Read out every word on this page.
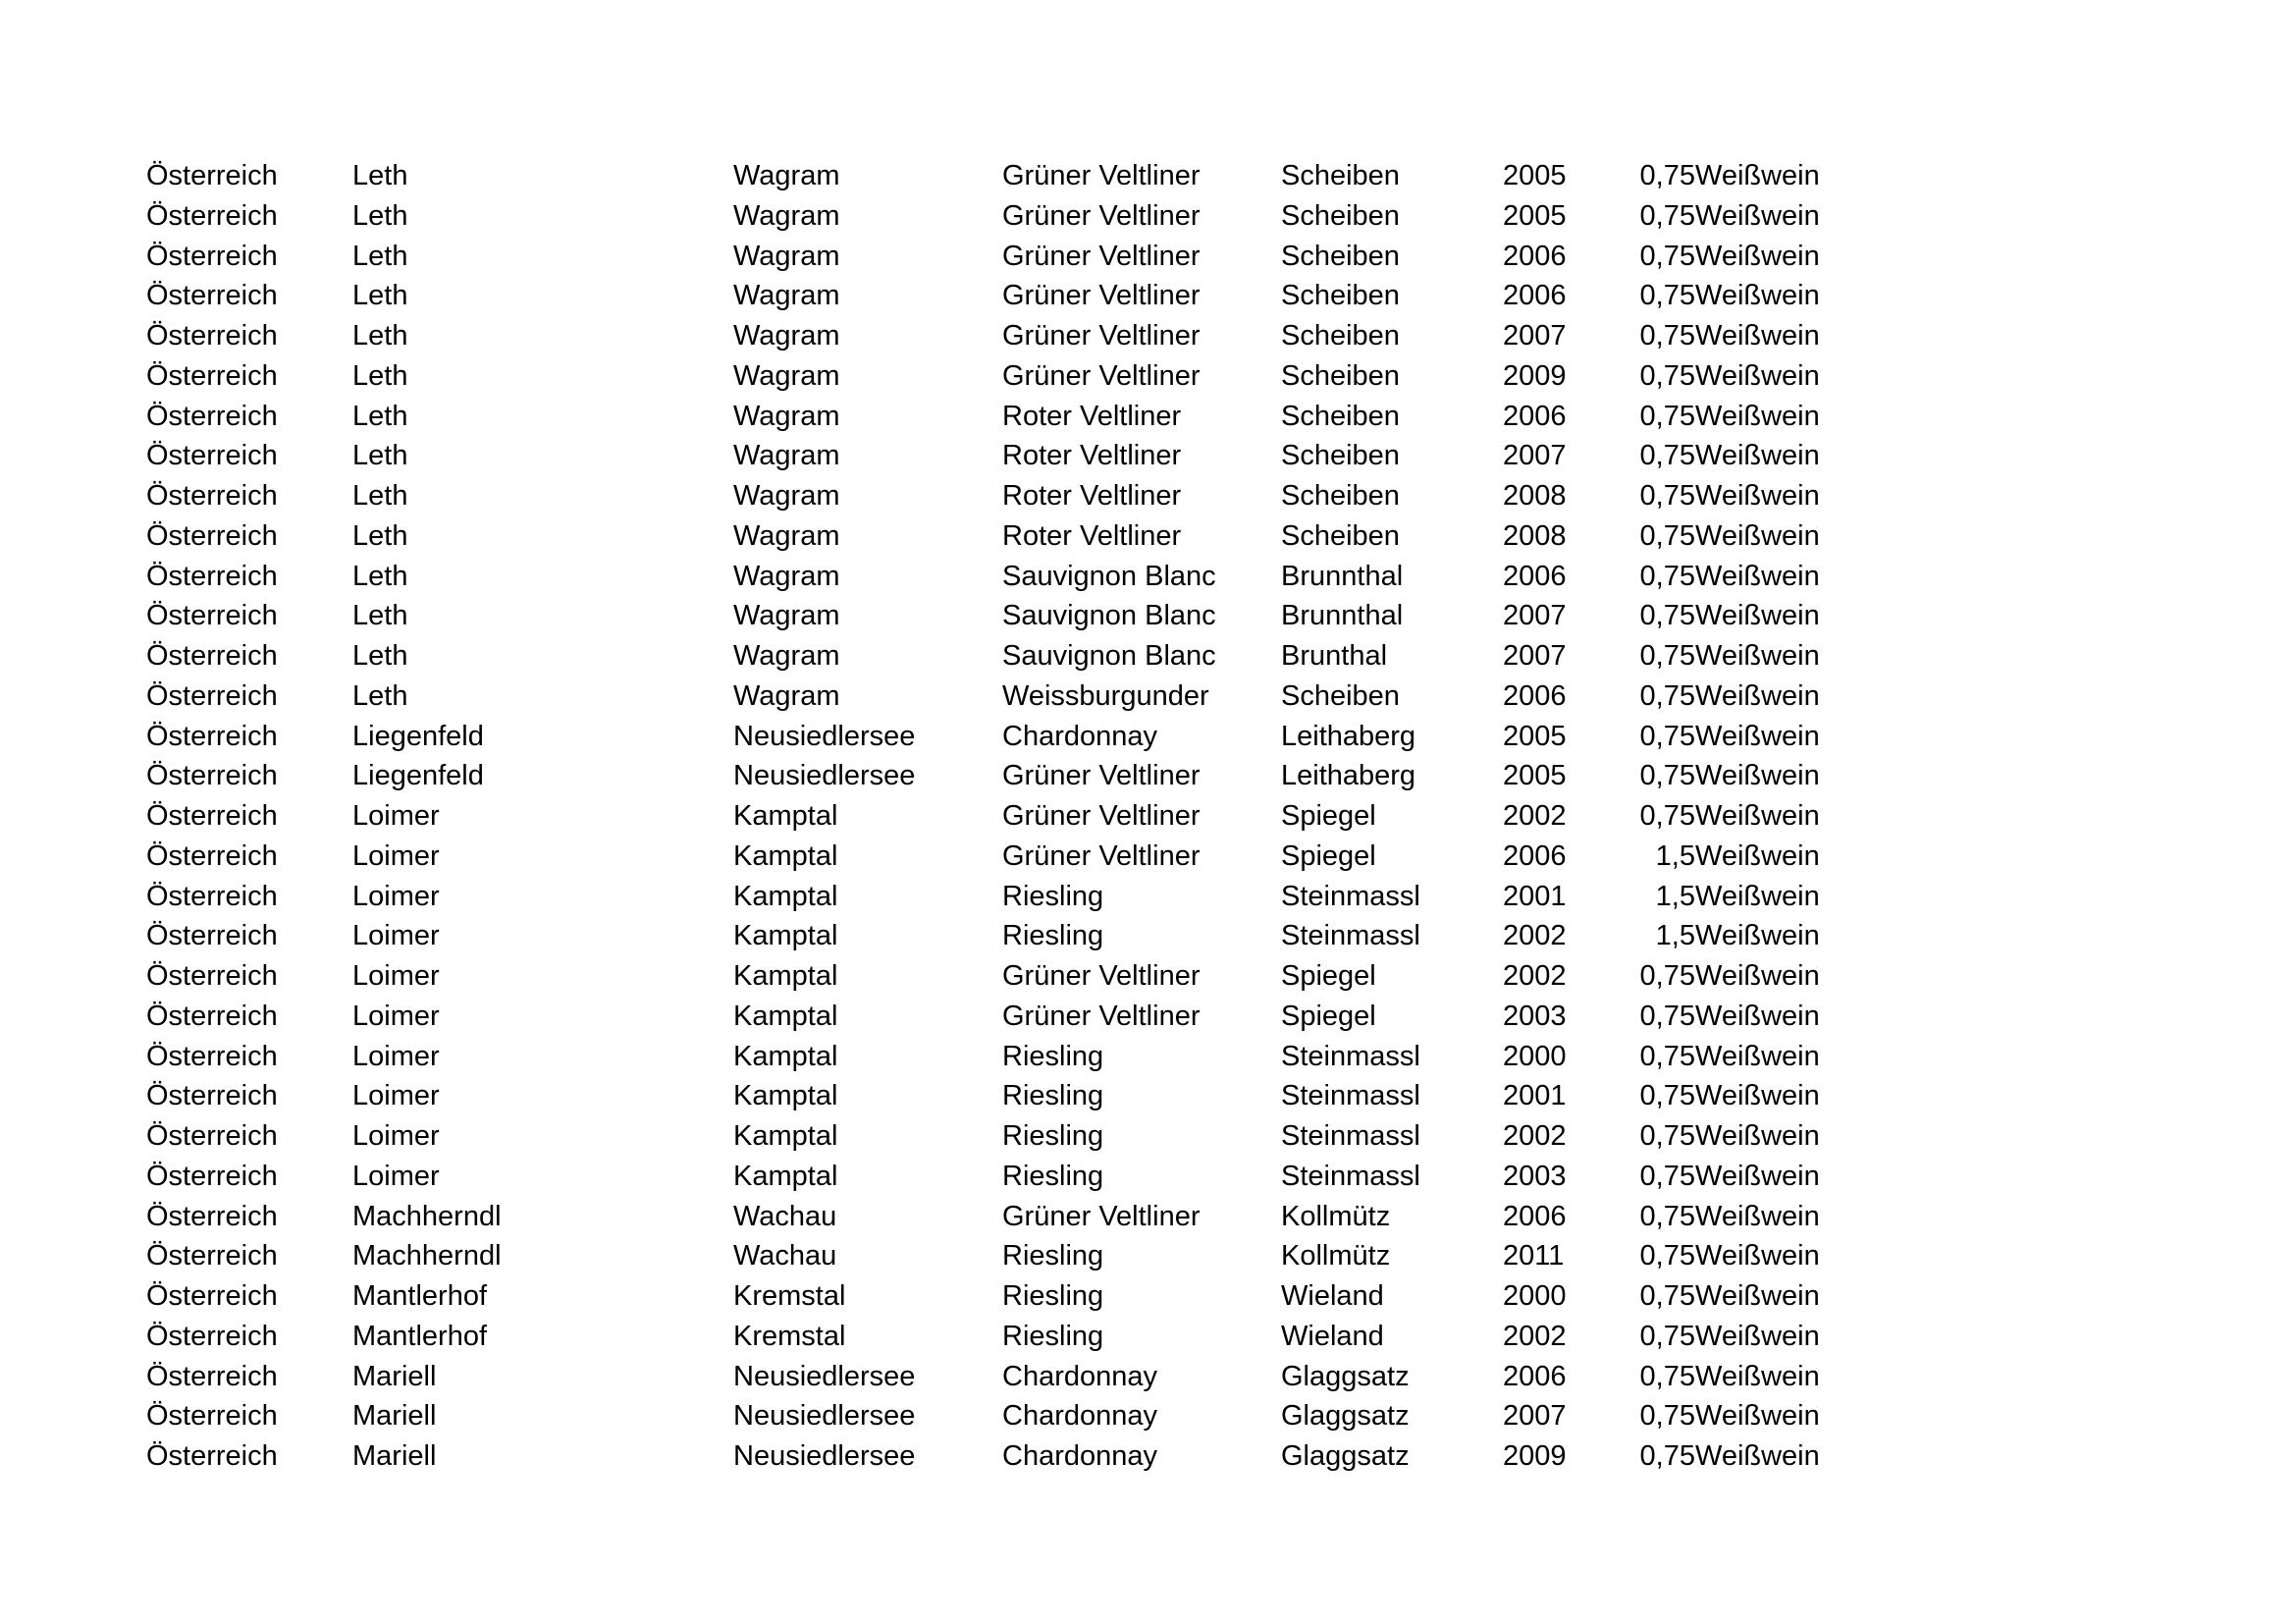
Österreich	Leth	Wagram	Grüner Veltliner	Scheiben	2005		0,75	Weißwein
Österreich	Leth	Wagram	Grüner Veltliner	Scheiben	2005		0,75	Weißwein
Österreich	Leth	Wagram	Grüner Veltliner	Scheiben	2006		0,75	Weißwein
Österreich	Leth	Wagram	Grüner Veltliner	Scheiben	2006		0,75	Weißwein
Österreich	Leth	Wagram	Grüner Veltliner	Scheiben	2007		0,75	Weißwein
Österreich	Leth	Wagram	Grüner Veltliner	Scheiben	2009		0,75	Weißwein
Österreich	Leth	Wagram	Roter Veltliner	Scheiben	2006		0,75	Weißwein
Österreich	Leth	Wagram	Roter Veltliner	Scheiben	2007		0,75	Weißwein
Österreich	Leth	Wagram	Roter Veltliner	Scheiben	2008		0,75	Weißwein
Österreich	Leth	Wagram	Roter Veltliner	Scheiben	2008		0,75	Weißwein
Österreich	Leth	Wagram	Sauvignon Blanc	Brunnthal	2006		0,75	Weißwein
Österreich	Leth	Wagram	Sauvignon Blanc	Brunnthal	2007		0,75	Weißwein
Österreich	Leth	Wagram	Sauvignon Blanc	Brunthal	2007		0,75	Weißwein
Österreich	Leth	Wagram	Weissburgunder	Scheiben	2006		0,75	Weißwein
Österreich	Liegenfeld	Neusiedlersee	Chardonnay	Leithaberg	2005		0,75	Weißwein
Österreich	Liegenfeld	Neusiedlersee	Grüner Veltliner	Leithaberg	2005		0,75	Weißwein
Österreich	Loimer	Kamptal	Grüner Veltliner	Spiegel	2002		0,75	Weißwein
Österreich	Loimer	Kamptal	Grüner Veltliner	Spiegel	2006		1,5	Weißwein
Österreich	Loimer	Kamptal	Riesling	Steinmassl	2001		1,5	Weißwein
Österreich	Loimer	Kamptal	Riesling	Steinmassl	2002		1,5	Weißwein
Österreich	Loimer	Kamptal	Grüner Veltliner	Spiegel	2002		0,75	Weißwein
Österreich	Loimer	Kamptal	Grüner Veltliner	Spiegel	2003		0,75	Weißwein
Österreich	Loimer	Kamptal	Riesling	Steinmassl	2000		0,75	Weißwein
Österreich	Loimer	Kamptal	Riesling	Steinmassl	2001		0,75	Weißwein
Österreich	Loimer	Kamptal	Riesling	Steinmassl	2002		0,75	Weißwein
Österreich	Loimer	Kamptal	Riesling	Steinmassl	2003		0,75	Weißwein
Österreich	Machherndl	Wachau	Grüner Veltliner	Kollmütz	2006		0,75	Weißwein
Österreich	Machherndl	Wachau	Riesling	Kollmütz	2011		0,75	Weißwein
Österreich	Mantlerhof	Kremstal	Riesling	Wieland	2000		0,75	Weißwein
Österreich	Mantlerhof	Kremstal	Riesling	Wieland	2002		0,75	Weißwein
Österreich	Mariell	Neusiedlersee	Chardonnay	Glaggsatz	2006		0,75	Weißwein
Österreich	Mariell	Neusiedlersee	Chardonnay	Glaggsatz	2007		0,75	Weißwein
Österreich	Mariell	Neusiedlersee	Chardonnay	Glaggsatz	2009		0,75	Weißwein
